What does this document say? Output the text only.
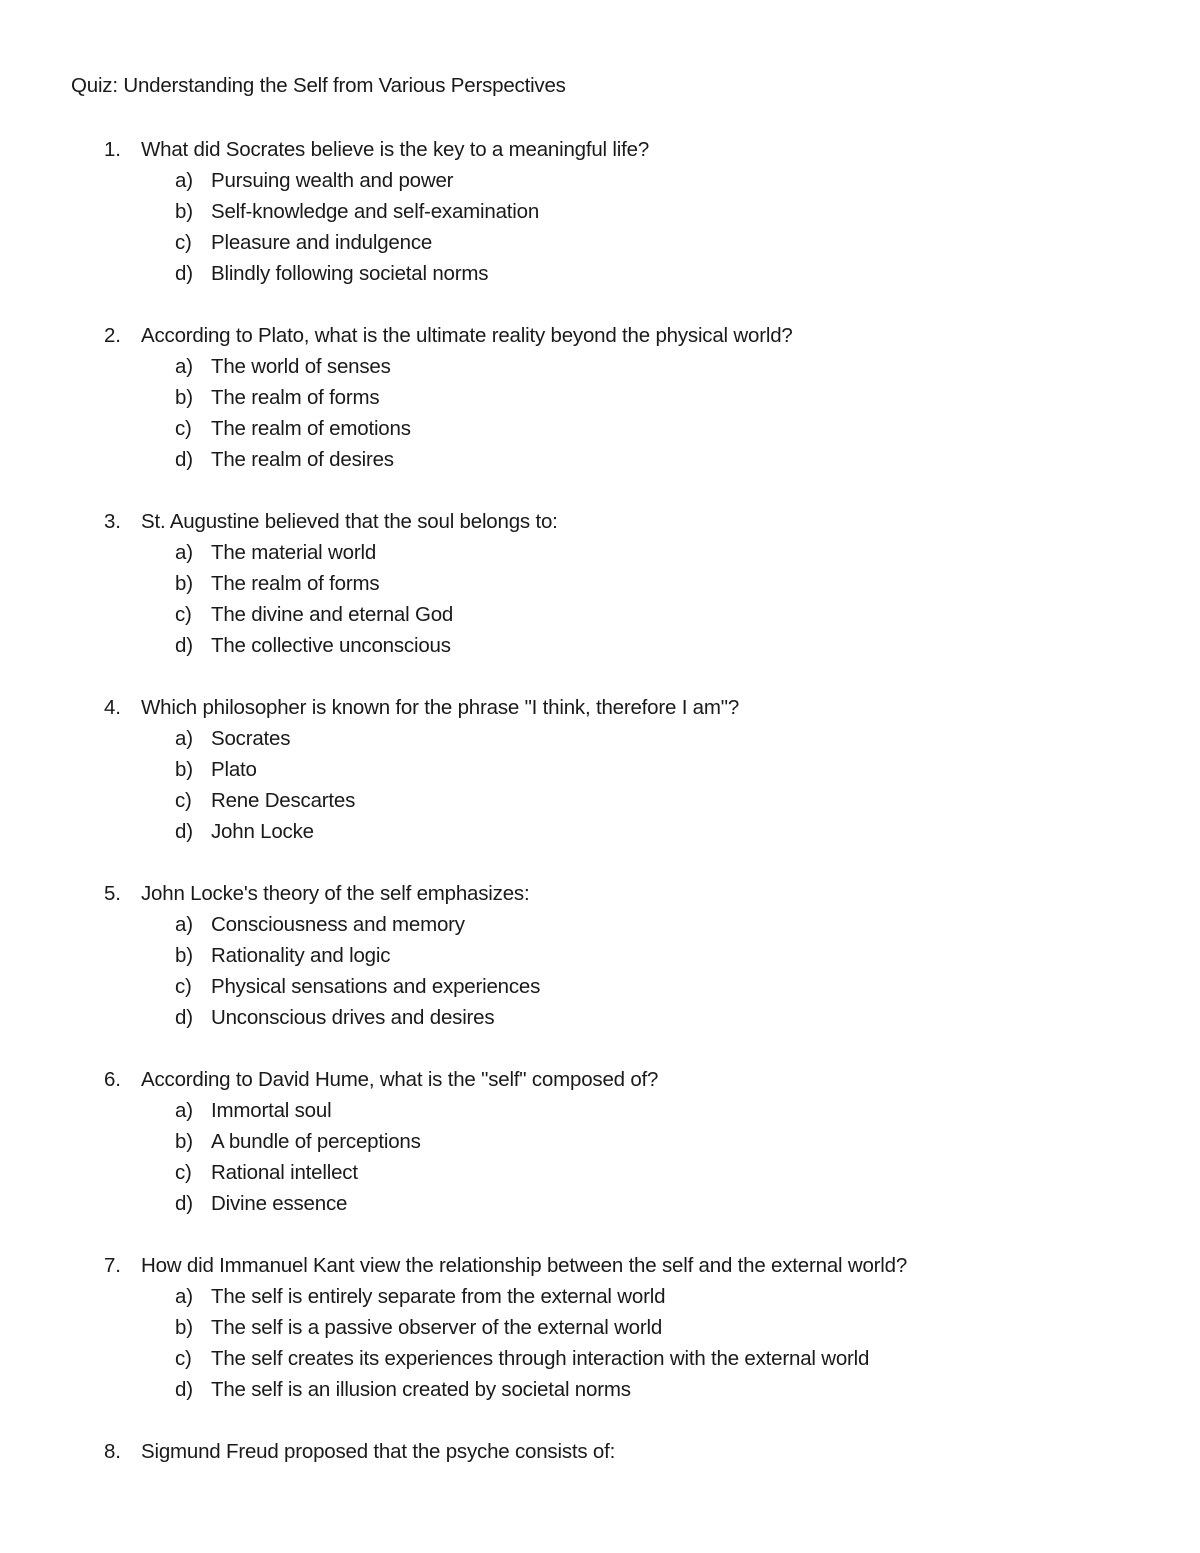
Quiz: Understanding the Self from Various Perspectives
1. What did Socrates believe is the key to a meaningful life?
a) Pursuing wealth and power
b) Self-knowledge and self-examination
c) Pleasure and indulgence
d) Blindly following societal norms
2. According to Plato, what is the ultimate reality beyond the physical world?
a) The world of senses
b) The realm of forms
c) The realm of emotions
d) The realm of desires
3. St. Augustine believed that the soul belongs to:
a) The material world
b) The realm of forms
c) The divine and eternal God
d) The collective unconscious
4. Which philosopher is known for the phrase "I think, therefore I am"?
a) Socrates
b) Plato
c) Rene Descartes
d) John Locke
5. John Locke's theory of the self emphasizes:
a) Consciousness and memory
b) Rationality and logic
c) Physical sensations and experiences
d) Unconscious drives and desires
6. According to David Hume, what is the "self" composed of?
a) Immortal soul
b) A bundle of perceptions
c) Rational intellect
d) Divine essence
7. How did Immanuel Kant view the relationship between the self and the external world?
a) The self is entirely separate from the external world
b) The self is a passive observer of the external world
c) The self creates its experiences through interaction with the external world
d) The self is an illusion created by societal norms
8. Sigmund Freud proposed that the psyche consists of:
